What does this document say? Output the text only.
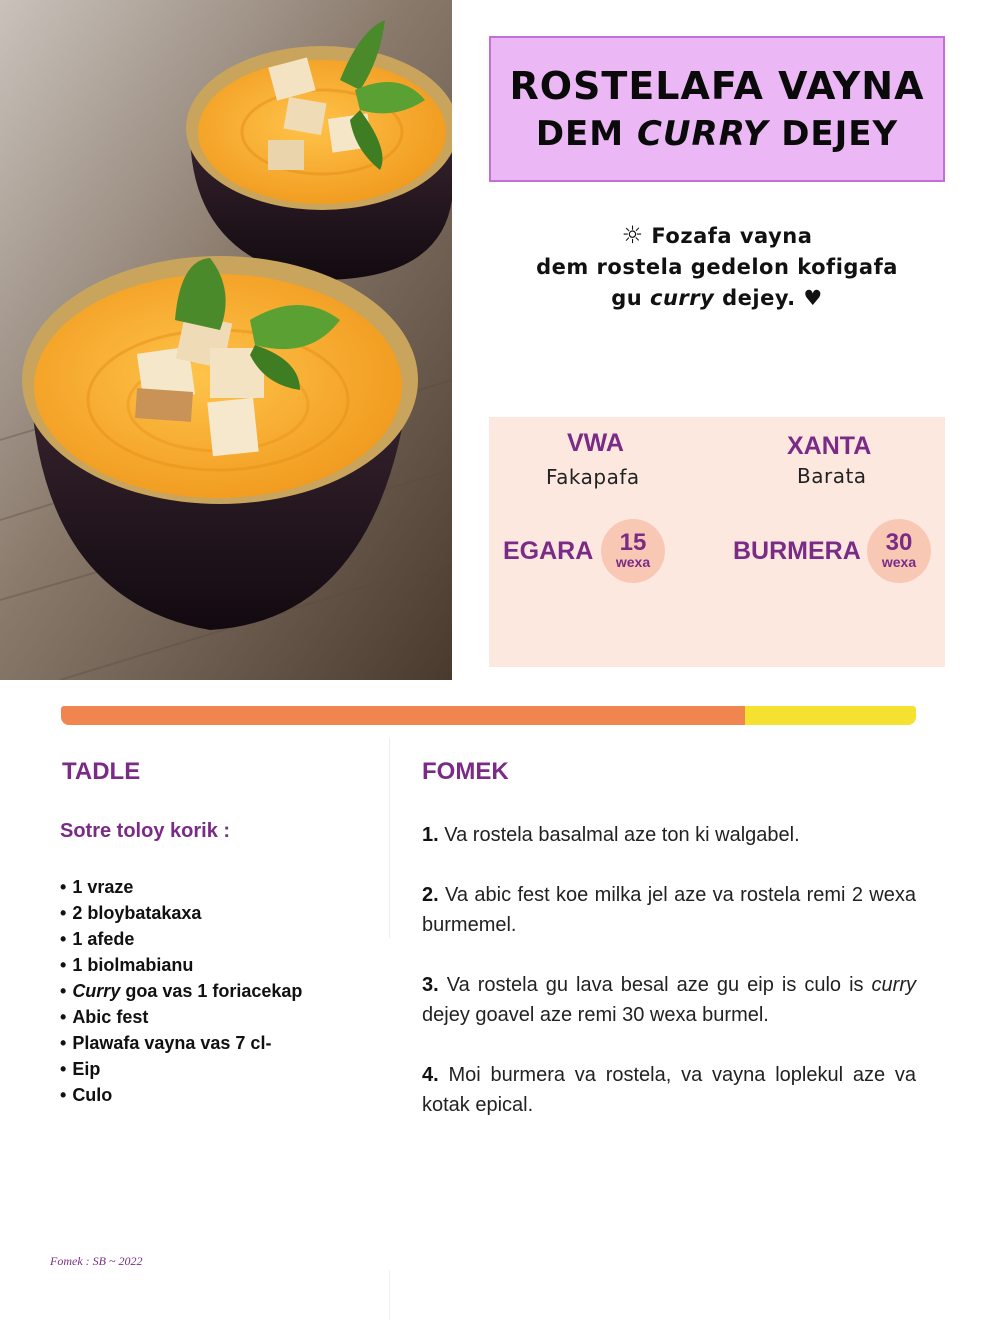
ROSTELAFA VAYNA
DEM CURRY DEJEY
☼ Fozafa vayna
dem rostela gedelon kofigafa
gu curry dejey. ♥
VWA
Fakapafa
XANTA
Barata
EGARA 15
wexa	BURMERA 30
wexa
TADLE
Sotre toloy korik :
• 1 vraze
• 2 bloybatakaxa
• 1 afede
• 1 biolmabianu
• Curry goa vas 1 foriacekap
• Abic fest
• Plawafa vayna vas 7 cl-
• Eip
• Culo
FOMEK

1. Va rostela basalmal aze ton ki walgabel.

2. Va abic fest koe milka jel aze va rostela remi 2 wexa burmemel.

3. Va rostela gu lava besal aze gu eip is culo is curry dejey goavel aze remi 30 wexa burmel.

4. Moi burmera va rostela, va vayna loplekul aze va kotak epical.

Fomek : SB ~ 2022
